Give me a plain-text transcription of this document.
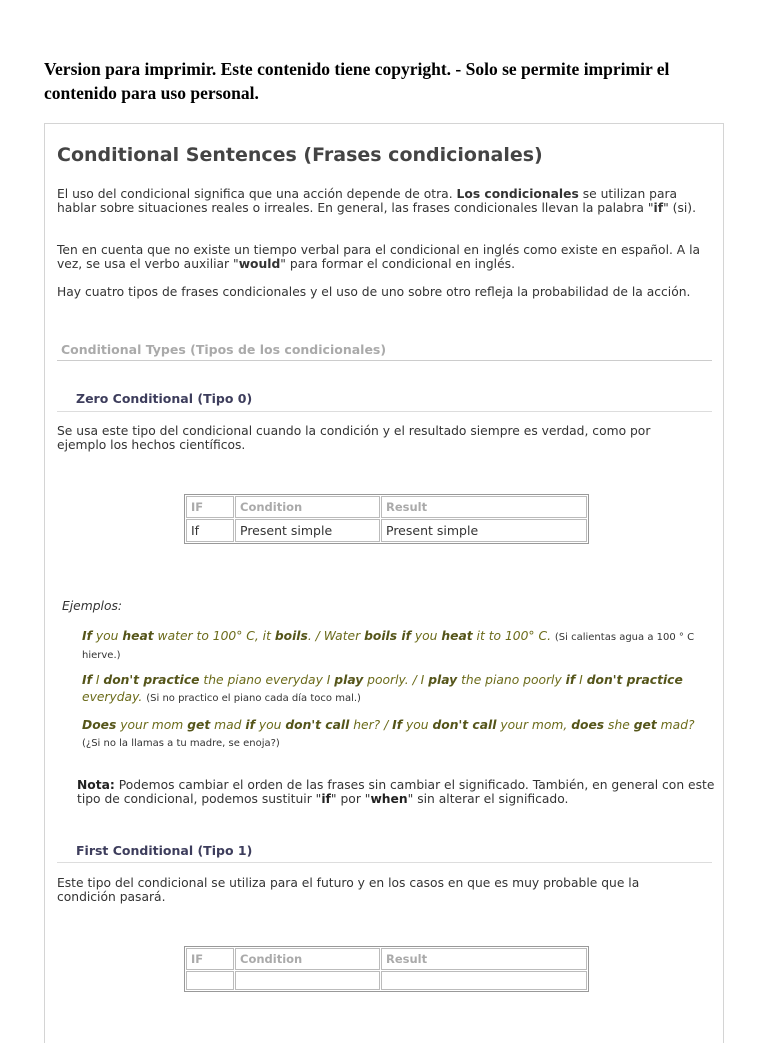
Version para imprimir. Este contenido tiene copyright. - Solo se permite imprimir el contenido para uso personal.
Conditional Sentences (Frases condicionales)

El uso del condicional significa que una acción depende de otra. Los condicionales se utilizan para hablar sobre situaciones reales o irreales. En general, las frases condicionales llevan la palabra "if" (si).

Ten en cuenta que no existe un tiempo verbal para el condicional en inglés como existe en español. A la vez, se usa el verbo auxiliar "would" para formar el condicional en inglés.

Hay cuatro tipos de frases condicionales y el uso de uno sobre otro refleja la probabilidad de la acción.

Conditional Types (Tipos de los condicionales)
Zero Conditional (Tipo 0)

Se usa este tipo del condicional cuando la condición y el resultado siempre es verdad, como por ejemplo los hechos científicos.

IF	Condition	Result
If	Present simple	Present simple
Ejemplos:
If you heat water to 100° C, it boils. / Water boils if you heat it to 100° C. (Si calientas agua a 100 ° C hierve.)
If I don't practice the piano everyday I play poorly. / I play the piano poorly if I don't practice everyday. (Si no practico el piano cada día toco mal.)
Does your mom get mad if you don't call her? / If you don't call your mom, does she get mad? (¿Si no la llamas a tu madre, se enoja?)

Nota: Podemos cambiar el orden de las frases sin cambiar el significado. También, en general con este tipo de condicional, podemos sustituir "if" por "when" sin alterar el significado.

First Conditional (Tipo 1)

Este tipo del condicional se utiliza para el futuro y en los casos en que es muy probable que la condición pasará.

IF	Condition	Result
